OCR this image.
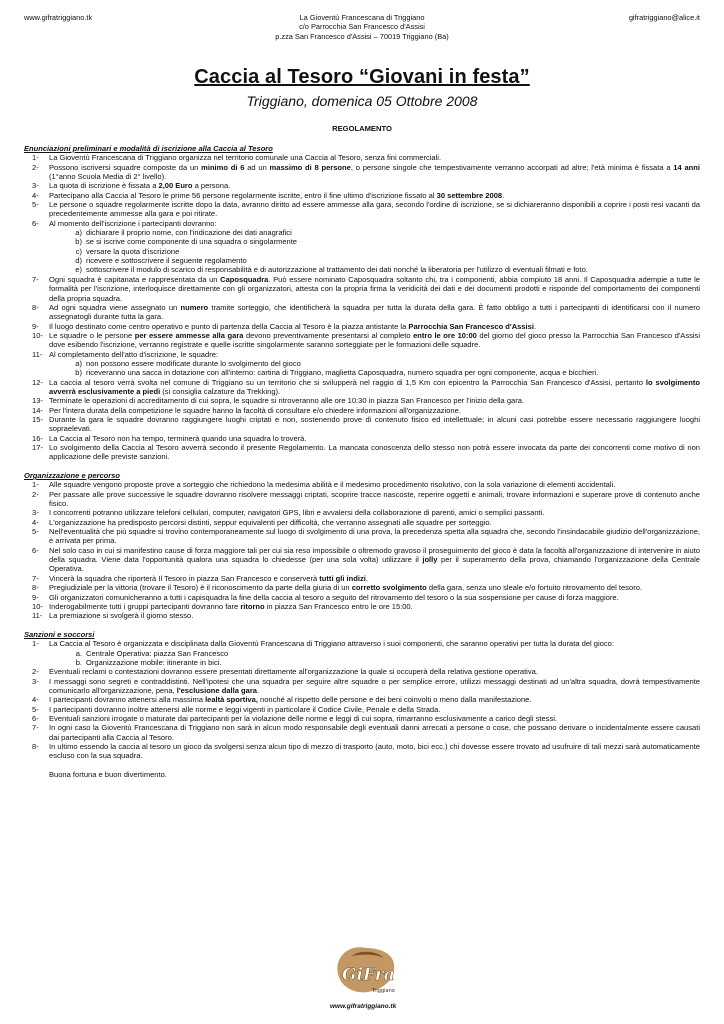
www.gifratriggiano.tk	La Gioventù Francescana di Triggiano
c/o Parrocchia San Francesco d'Assisi
p.zza San Francesco d'Assisi – 70019 Triggiano (Ba)
gifratriggiano@alice.it
Caccia al Tesoro “Giovani in festa”
Triggiano, domenica 05 Ottobre 2008
REGOLAMENTO
Enunciazioni preliminari e modalità di iscrizione alla Caccia al Tesoro
1- La Gioventù Francescana di Triggiano organizza nel territorio comunale una Caccia al Tesoro, senza fini commerciali.
2- Possono iscriversi squadre composte da un minimo di 6 ad un massimo di 8 persone, o persone singole che tempestivamente verranno accorpati ad altre; l'età minima è fissata a 14 anni (1°anno Scuola Media di 2° livello).
3- La quota di iscrizione è fissata a 2,00 Euro a persona.
4- Partecipano alla Caccia al Tesoro le prime 56 persone regolarmente iscritte, entro il fine ultimo d'iscrizione fissato al 30 settembre 2008.
5- Le persone o squadre regolarmente iscritte dopo la data, avranno diritto ad essere ammesse alla gara, secondo l'ordine di iscrizione, se si dichiareranno disponibili a coprire i posti resi vacanti da precedentemente ammesse alla gara e poi ritirate.
6- Al momento dell'iscrizione i partecipanti dovranno:
a) dichiarare il proprio nome, con l'indicazione dei dati anagrafici
b) se si iscrive come componente di una squadra o singolarmente
c) versare la quota d'iscrizione
d) ricevere e sottoscrivere il seguente regolamento
e) sottoscrivere il modulo di scarico di responsabilità e di autorizzazione al trattamento dei dati nonché la liberatoria per l'utilizzo di eventuali filmati e foto.
7- Ogni squadra è capitanata e rappresentata da un Caposquadra. Può essere nominato Caposquadra soltanto chi, tra i componenti, abbia compiuto 18 anni. Il Caposquadra adempie a tutte le formalità per l'iscrizione, interloquisce direttamente con gli organizzatori, attesta con la propria firma la veridicità dei dati e dei documenti prodotti e risponde del comportamento dei componenti della propria squadra.
8- Ad ogni squadra viene assegnato un numero tramite sorteggio, che identificherà la squadra per tutta la durata della gara. È fatto obbligo a tutti i partecipanti di identificarsi con il numero assegnatogli durante tutta la gara.
9- Il luogo destinato come centro operativo e punto di partenza della Caccia al Tesoro è la piazza antistante la Parrocchia San Francesco d'Assisi.
10- Le squadre o le persone per essere ammesse alla gara devono preventivamente presentarsi al completo entro le ore 10:00 del giorno del gioco presso la Parrocchia San Francesco d'Assisi dove esibendo l'iscrizione, verranno registrate e quelle iscritte singolarmente saranno sorteggiate per le formazioni delle squadre.
11- Al completamento dell'atto d'iscrizione, le squadre:
a) non possono essere modificate durante lo svolgimento del gioco
b) riceveranno una sacca in dotazione con all'interno: cartina di Triggiano, maglietta Caposquadra, numero squadra per ogni componente, acqua e bicchieri.
12- La caccia al tesoro verrà svolta nel comune di Triggiano su un territorio che si svilupperà nel raggio di 1,5 Km con epicentro la Parrocchia San Francesco d'Assisi, pertanto lo svolgimento avverrà esclusivamente a piedi (si consiglia calzature da Trekking).
13- Terminate le operazioni di accreditamento di cui sopra, le squadre si ritroveranno alle ore 10:30 in piazza San Francesco per l'inizio della gara.
14- Per l'intera durata della competizione le squadre hanno la facoltà di consultare e/o chiedere informazioni all'organizzazione.
15- Durante la gara le squadre dovranno raggiungere luoghi criptati e non, sostenendo prove di contenuto fisico ed intellettuale; in alcuni casi potrebbe essere necessario raggiungere luoghi sopraelevati.
16- La Caccia al Tesoro non ha tempo, terminerà quando una squadra lo troverà.
17- Lo svolgimento della Caccia al Tesoro avverrà secondo il presente Regolamento. La mancata conoscenza dello stesso non potrà essere invocata da parte dei concorrenti come motivo di non applicazione delle previste sanzioni.
Organizzazione e percorso
1- Alle squadre vengono proposte prove a sorteggio che richiedono la medesima abilità e il medesimo procedimento risolutivo, con la sola variazione di elementi accidentali.
2- Per passare alle prove successive le squadre dovranno risolvere messaggi criptati, scoprire tracce nascoste, reperire oggetti e animali, trovare informazioni e superare prove di contenuto anche fisico.
3- I concorrenti potranno utilizzare telefoni cellulari, computer, navigatori GPS, libri e avvalersi della collaborazione di parenti, amici o semplici passanti.
4- L'organizzazione ha predisposto percorsi distinti, seppur equivalenti per difficoltà, che verranno assegnati alle squadre per sorteggio.
5- Nell'eventualità che più squadre si trovino contemporaneamente sul luogo di svolgimento di una prova, la precedenza spetta alla squadra che, secondo l'insindacabile giudizio dell'organizzazione, è arrivata per prima.
6- Nel solo caso in cui si manifestino cause di forza maggiore tali per cui sia reso impossibile o oltremodo gravoso il proseguimento del gioco è data la facoltà all'organizzazione di intervenire in aiuto della squadra. Viene data l'opportunità qualora una squadra lo chiedesse (per una sola volta) utilizzare il jolly per il superamento della prova, chiamando l'organizzazione della Centrale Operativa.
7- Vincerà la squadra che riporterà Il Tesoro in piazza San Francesco e conserverà tutti gli indizi.
8- Pregiudiziale per la vittoria (trovare il Tesoro) è il riconoscimento da parte della giuria di un corretto svolgimento della gara, senza uno sleale e/o fortuito ritrovamento del tesoro.
9- Gli organizzatori comunicheranno a tutti i capisquadra la fine della caccia al tesoro a seguito del ritrovamento del tesoro o la sua sospensione per cause di forza maggiore.
10- Inderogabilmente tutti i gruppi partecipanti dovranno fare ritorno in piazza San Francesco entro le ore 15:00.
11- La premiazione si svolgerà il giorno stesso.
Sanzioni e soccorsi
1- La Caccia al Tesoro è organizzata e disciplinata dalla Gioventù Francescana di Triggiano attraverso i suoi componenti, che saranno operativi per tutta la durata del gioco:
a. Centrale Operativa: piazza San Francesco
b. Organizzazione mobile: itinerante in bici.
2- Eventuali reclami o contestazioni dovranno essere presentati direttamente all'organizzazione la quale si occuperà della relativa gestione operativa.
3- I messaggi sono segreti e contraddistinti. Nell'ipotesi che una squadra per seguire altre squadre o per semplice errore, utilizzi messaggi destinati ad un'altra squadra, dovrà tempestivamente comunicarlo all'organizzazione, pena, l'esclusione dalla gara.
4- I partecipanti dovranno attenersi alla massima lealtà sportiva, nonché al rispetto delle persone e dei beni coinvolti o meno dalla manifestazione.
5- I partecipanti dovranno inoltre attenersi alle norme e leggi vigenti in particolare il Codice Civile, Penale e della Strada.
6- Eventuali sanzioni irrogate o maturate dai partecipanti per la violazione delle norme e leggi di cui sopra, rimarranno esclusivamente a carico degli stessi.
7- In ogni caso la Gioventù Francescana di Triggiano non sarà in alcun modo responsabile degli eventuali danni arrecati a persone o cose, che possano derivare o incidentalmente essere causati dai partecipanti alla Caccia al Tesoro.
8- In ultimo essendo la caccia al tesoro un gioco da svolgersi senza alcun tipo di mezzo di trasporto (auto, moto, bici ecc.) chi dovesse essere trovato ad usufruire di tali mezzi sarà automaticamente escluso con la sua squadra.
Buona fortuna e buon divertimento.
GiFra
Triggiano
www.gifratriggiano.tk
